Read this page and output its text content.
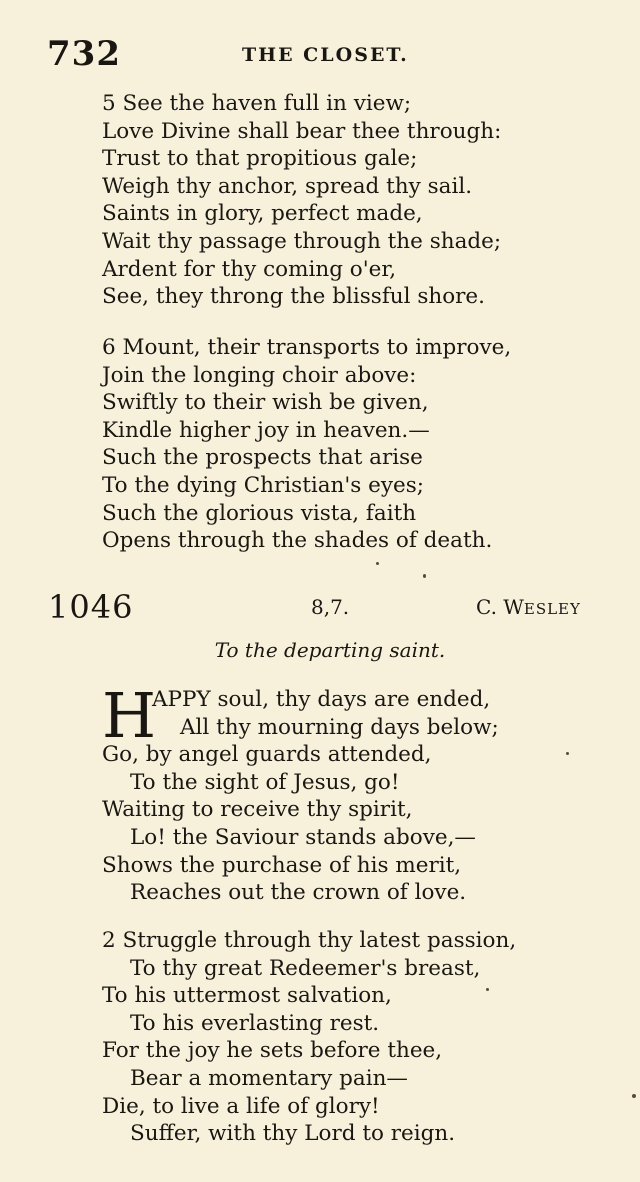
732	THE CLOSET.
5 See the haven full in view;
Love Divine shall bear thee through:
Trust to that propitious gale;
Weigh thy anchor, spread thy sail.
Saints in glory, perfect made,
Wait thy passage through the shade;
Ardent for thy coming o'er,
See, they throng the blissful shore.
6 Mount, their transports to improve,
Join the longing choir above:
Swiftly to their wish be given,
Kindle higher joy in heaven.—
Such the prospects that arise
To the dying Christian's eyes;
Such the glorious vista, faith
Opens through the shades of death.
1046	8,7.	C. WESLEY
To the departing saint.
H
APPY soul, thy days are ended,
All thy mourning days below;
Go, by angel guards attended,
To the sight of Jesus, go!
Waiting to receive thy spirit,
Lo! the Saviour stands above,—
Shows the purchase of his merit,
Reaches out the crown of love.
2 Struggle through thy latest passion,
To thy great Redeemer's breast,
To his uttermost salvation,
To his everlasting rest.
For the joy he sets before thee,
Bear a momentary pain—
Die, to live a life of glory!
Suffer, with thy Lord to reign.
